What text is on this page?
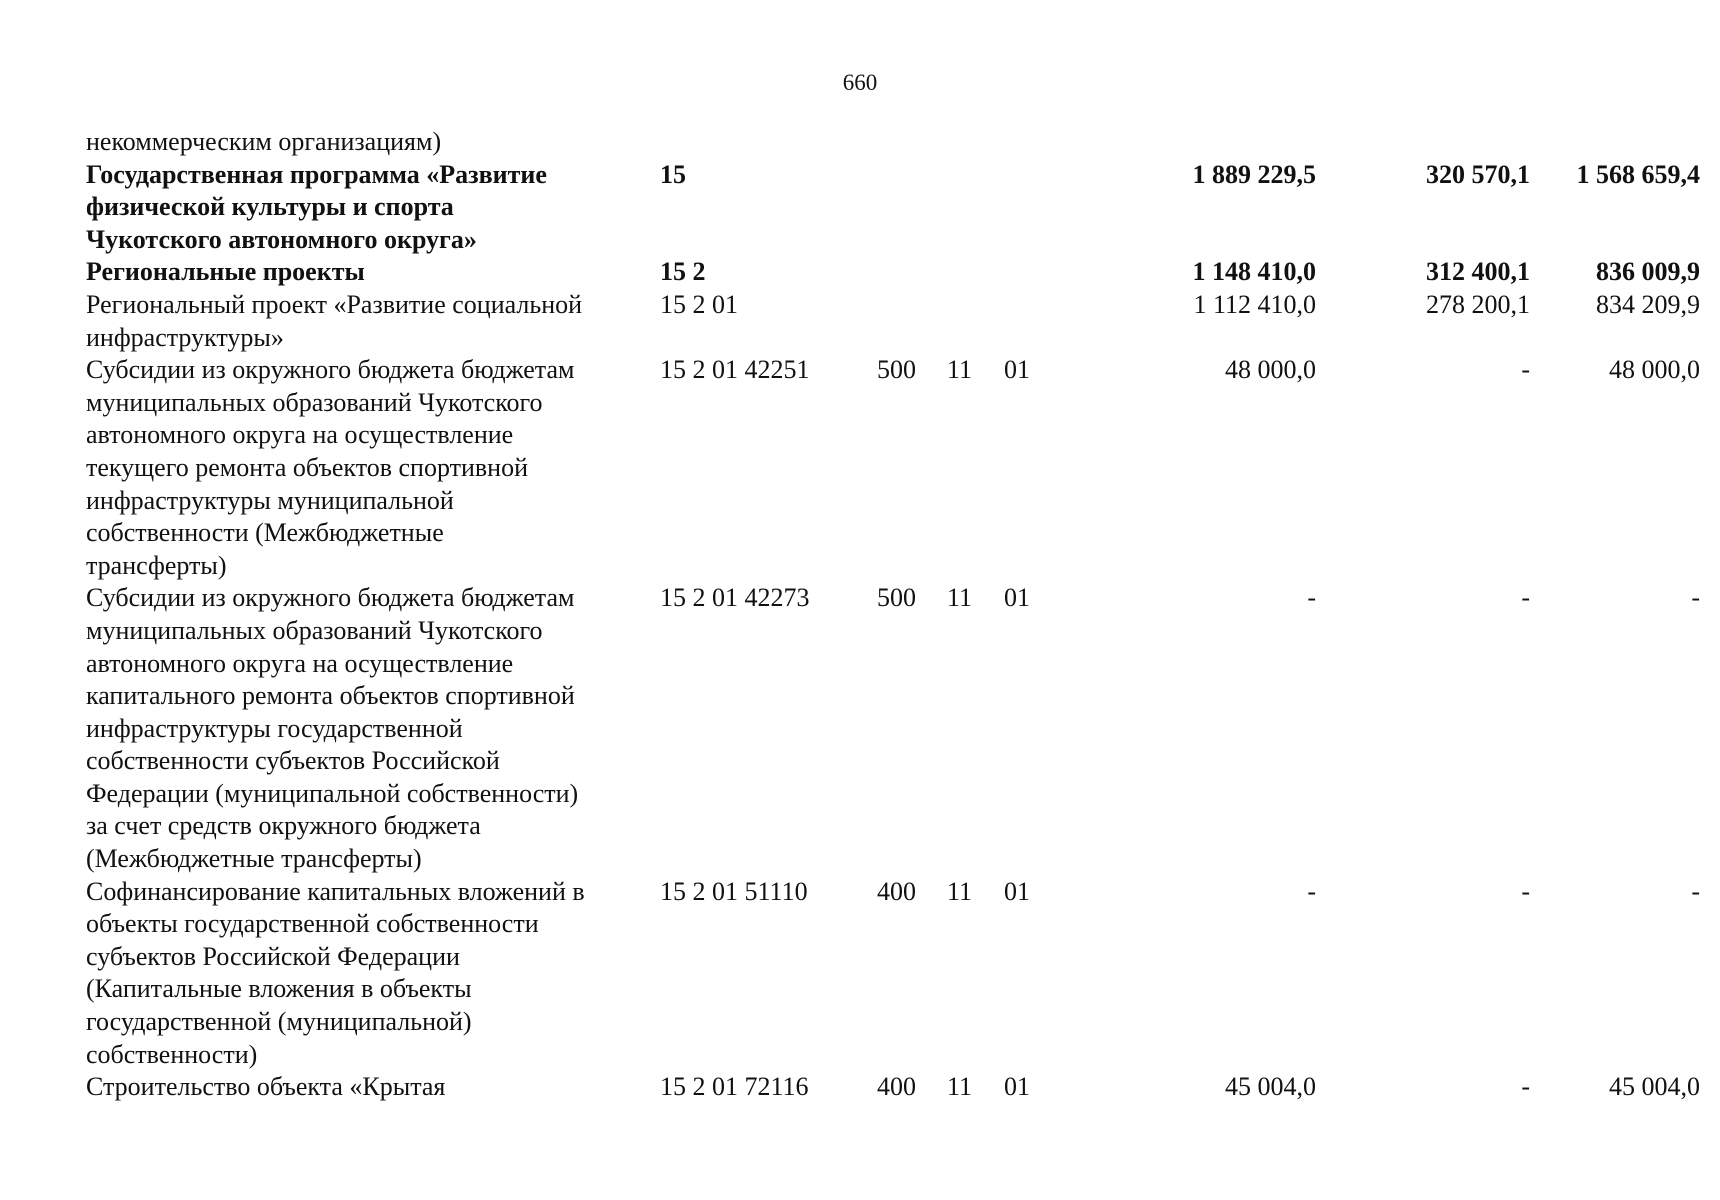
660
некоммерческим организациям)
Государственная программа «Развитие
физической культуры и спорта
Чукотского автономного округа»
15	1 889 229,5	320 570,1	1 568 659,4
Региональные проекты	15 2	1 148 410,0	312 400,1	836 009,9
Региональный проект «Развитие социальной
инфраструктуры»
15 2 01	1 112 410,0	278 200,1	834 209,9
Субсидии из окружного бюджета бюджетам
муниципальных образований Чукотского
автономного округа на осуществление
текущего ремонта объектов спортивной
инфраструктуры муниципальной
собственности (Межбюджетные
трансферты)
15 2 01 42251	500	11	01	48 000,0	-	48 000,0
Субсидии из окружного бюджета бюджетам
муниципальных образований Чукотского
автономного округа на осуществление
капитального ремонта объектов спортивной
инфраструктуры государственной
собственности субъектов Российской
Федерации (муниципальной собственности)
за счет средств окружного бюджета
(Межбюджетные трансферты)
15 2 01 42273	500	11	01	-	-	-
Софинансирование капитальных вложений в
объекты государственной собственности
субъектов Российской Федерации
(Капитальные вложения в объекты
государственной (муниципальной)
собственности)
15 2 01 51110	400	11	01	-	-	-
Строительство объекта «Крытая	15 2 01 72116	400	11	01	45 004,0	-	45 004,0
